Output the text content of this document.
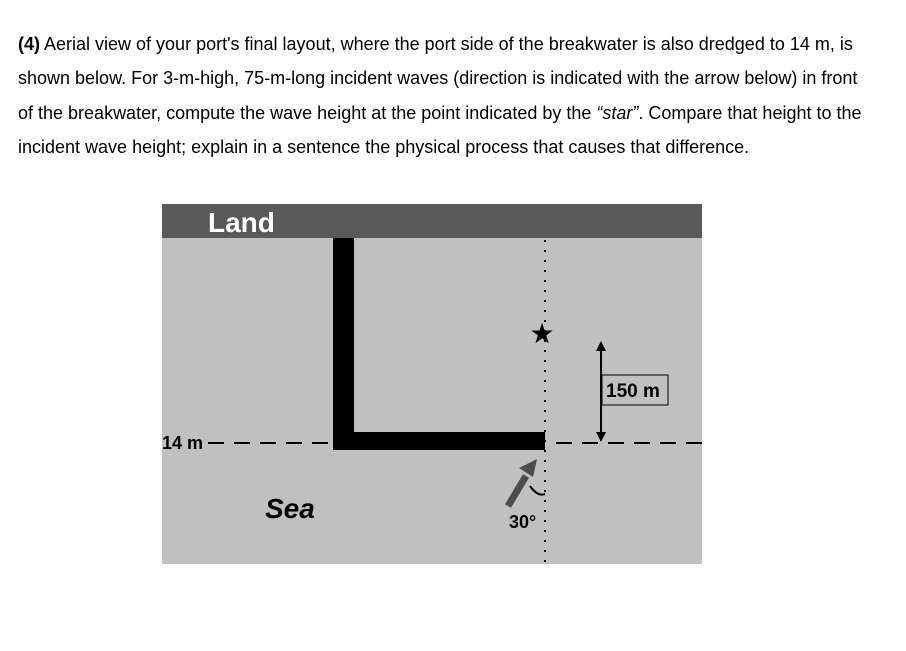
(4) Aerial view of your port's final layout, where the port side of the breakwater is also dredged to 14 m, is shown below. For 3-m-high, 75-m-long incident waves (direction is indicated with the arrow below) in front of the breakwater, compute the wave height at the point indicated by the “star”. Compare that height to the incident wave height; explain in a sentence the physical process that causes that difference.

Land
14 m
★
150 m
30°
Sea
